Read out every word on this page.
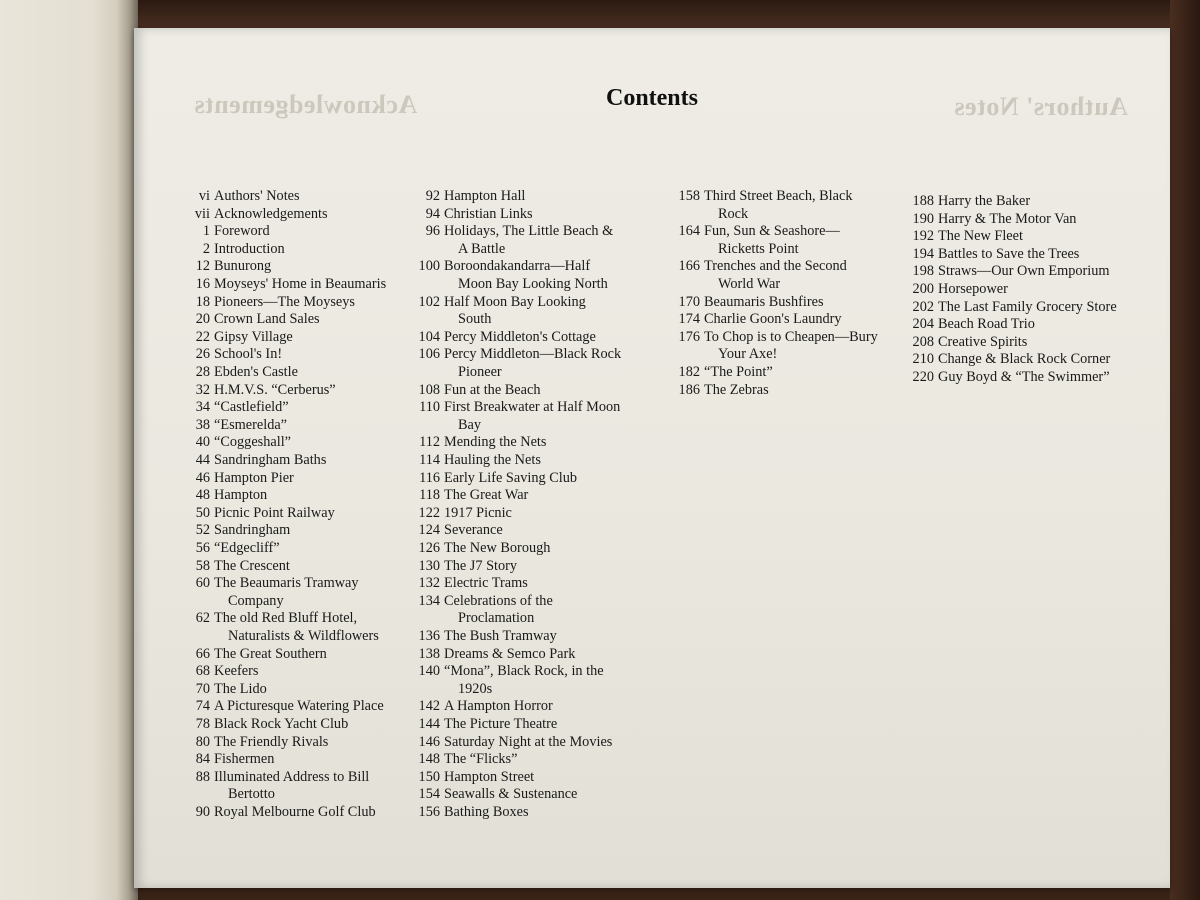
Acknowledgements	Authors' Notes
Contents
vi Authors' Notes
vii Acknowledgements
1 Foreword
2 Introduction
12 Bunurong
16 Moyseys' Home in Beaumaris
18 Pioneers—The Moyseys
20 Crown Land Sales
22 Gipsy Village
26 School's In!
28 Ebden's Castle
32 H.M.V.S. “Cerberus”
34 “Castlefield”
38 “Esmerelda”
40 “Coggeshall”
44 Sandringham Baths
46 Hampton Pier
48 Hampton
50 Picnic Point Railway
52 Sandringham
56 “Edgecliff”
58 The Crescent
60 The Beaumaris Tramway
Company
62 The old Red Bluff Hotel,
Naturalists & Wildflowers
66 The Great Southern
68 Keefers
70 The Lido
74 A Picturesque Watering Place
78 Black Rock Yacht Club
80 The Friendly Rivals
84 Fishermen
88 Illuminated Address to Bill
Bertotto
90 Royal Melbourne Golf Club
92 Hampton Hall
94 Christian Links
96 Holidays, The Little Beach &
A Battle
100 Boroondakandarra—Half
Moon Bay Looking North
102 Half Moon Bay Looking
South
104 Percy Middleton's Cottage
106 Percy Middleton—Black Rock
Pioneer
108 Fun at the Beach
110 First Breakwater at Half Moon
Bay
112 Mending the Nets
114 Hauling the Nets
116 Early Life Saving Club
118 The Great War
122 1917 Picnic
124 Severance
126 The New Borough
130 The J7 Story
132 Electric Trams
134 Celebrations of the
Proclamation
136 The Bush Tramway
138 Dreams & Semco Park
140 “Mona”, Black Rock, in the
1920s
142 A Hampton Horror
144 The Picture Theatre
146 Saturday Night at the Movies
148 The “Flicks”
150 Hampton Street
154 Seawalls & Sustenance
156 Bathing Boxes
158 Third Street Beach, Black
Rock
164 Fun, Sun & Seashore—
Ricketts Point
166 Trenches and the Second
World War
170 Beaumaris Bushfires
174 Charlie Goon's Laundry
176 To Chop is to Cheapen—Bury
Your Axe!
182 “The Point”
186 The Zebras
188 Harry the Baker
190 Harry & The Motor Van
192 The New Fleet
194 Battles to Save the Trees
198 Straws—Our Own Emporium
200 Horsepower
202 The Last Family Grocery Store
204 Beach Road Trio
208 Creative Spirits
210 Change & Black Rock Corner
220 Guy Boyd & “The Swimmer”
